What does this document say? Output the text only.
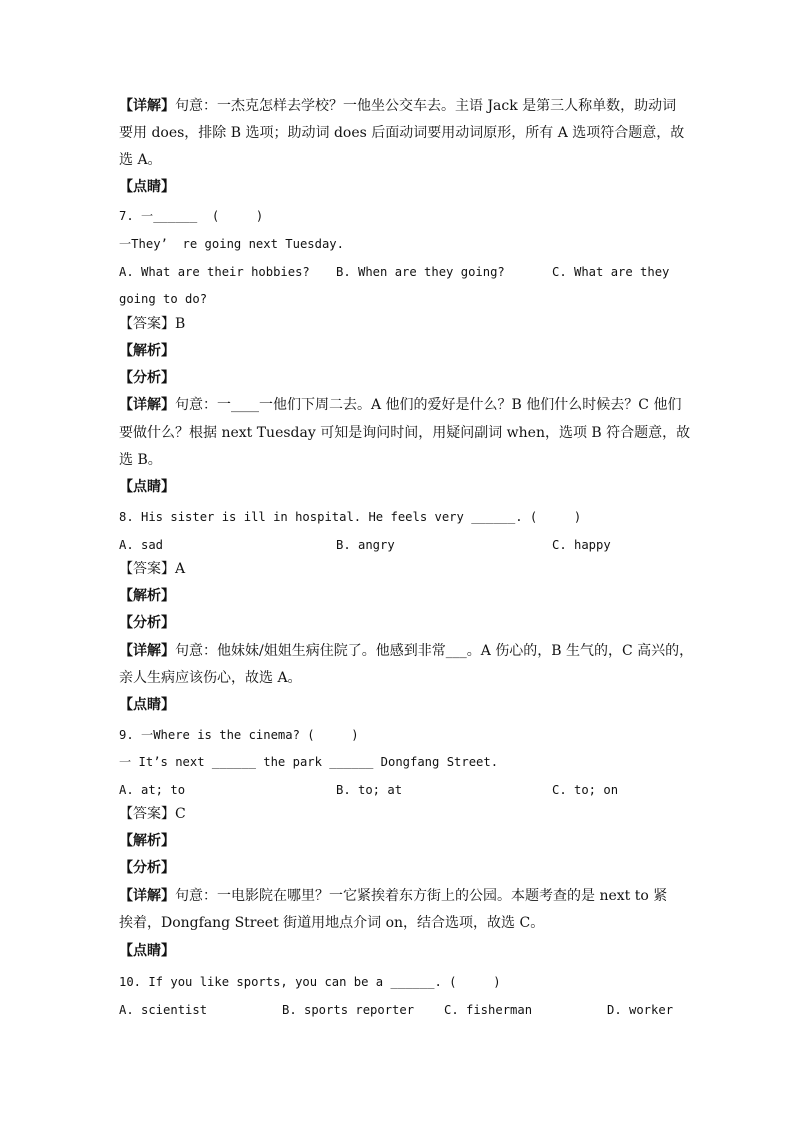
【详解】句意：一杰克怎样去学校？一他坐公交车去。主语 Jack 是第三人称单数，助动词
要用 does，排除 B 选项；助动词 does 后面动词要用动词原形，所有 A 选项符合题意，故
选 A。
【点睛】
7. 一______  (     )
一They’  re going next Tuesday.
A. What are their hobbies? B. When are they going?	C. What are they
going to do?
【答案】B
【解析】
【分析】
【详解】句意：一____一他们下周二去。A 他们的爱好是什么？B 他们什么时候去？C 他们
要做什么？根据 next Tuesday 可知是询问时间，用疑问副词 when，选项 B 符合题意，故
选 B。
【点睛】
8. His sister is ill in hospital. He feels very ______. (     )
A. sad	B. angry	C. happy
【答案】A
【解析】
【分析】
【详解】句意：他妹妹/姐姐生病住院了。他感到非常___。A 伤心的，B 生气的，C 高兴的，
亲人生病应该伤心，故选 A。
【点睛】
9. 一Where is the cinema? (     )
一 It’s next ______ the park ______ Dongfang Street.
A. at; to	B. to; at	C. to; on
【答案】C
【解析】
【分析】
【详解】句意：一电影院在哪里？一它紧挨着东方街上的公园。本题考查的是 next to 紧
挨着，Dongfang Street 街道用地点介词 on，结合选项，故选 C。
【点睛】
10. If you like sports, you can be a ______. (     )
A. scientist	B. sports reporter C. fisherman	D. worker
